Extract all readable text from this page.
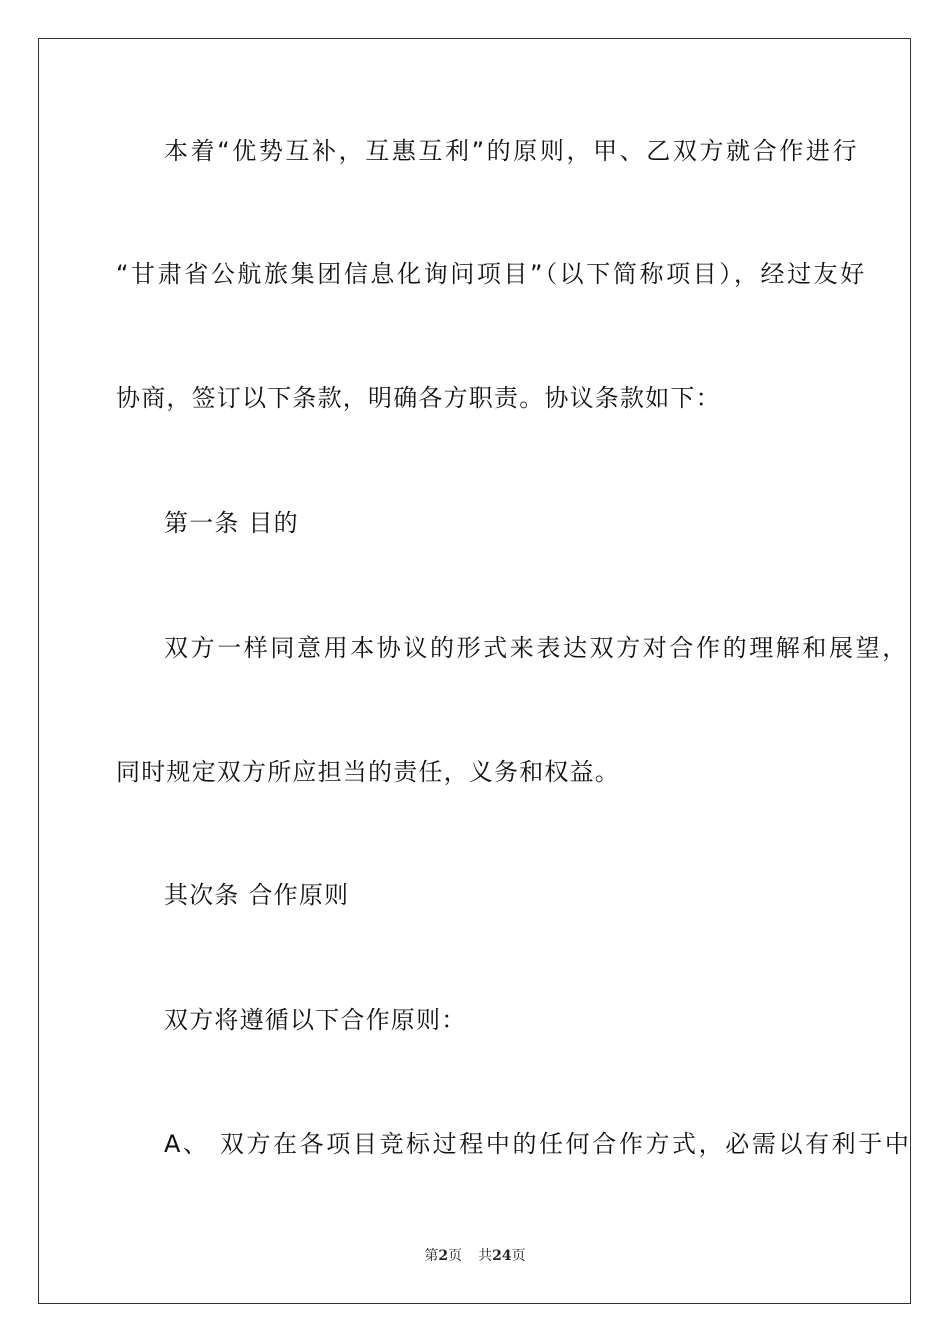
本着“优势互补，互惠互利”的原则，甲、乙双方就合作进行
“甘肃省公航旅集团信息化询问项目”（以下简称项目），经过友好
协商，签订以下条款，明确各方职责。协议条款如下：
第一条 目的
双方一样同意用本协议的形式来表达双方对合作的理解和展望，
同时规定双方所应担当的责任，义务和权益。
其次条 合作原则
双方将遵循以下合作原则：
A、 双方在各项目竞标过程中的任何合作方式，必需以有利于中
第2页 共24页
